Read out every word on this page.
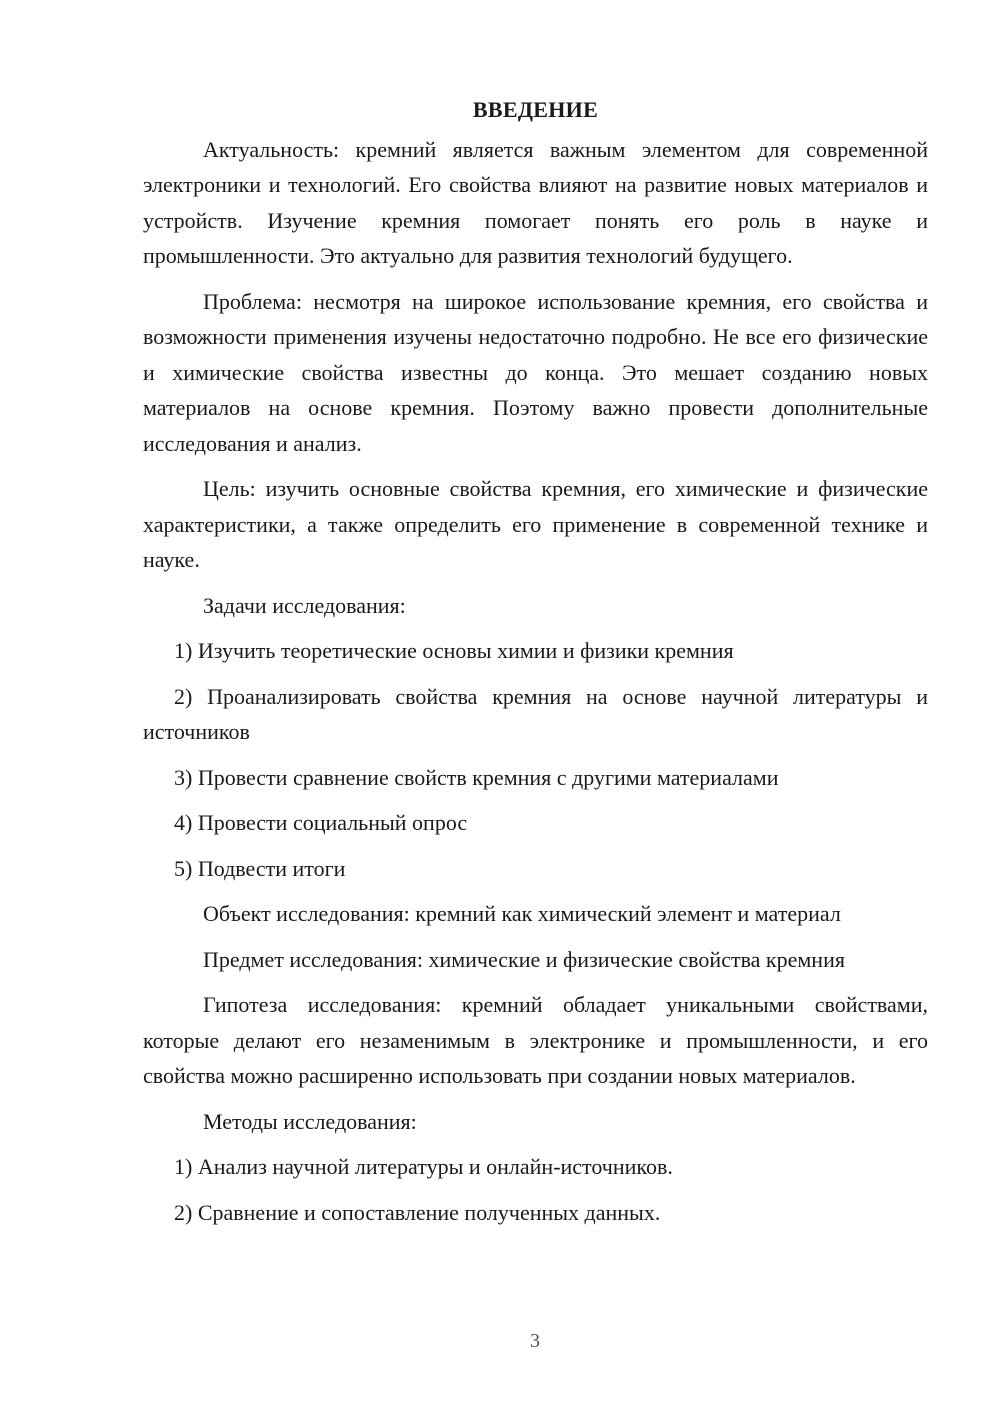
ВВЕДЕНИЕ

Актуальность: кремний является важным элементом для современной электроники и технологий. Его свойства влияют на развитие новых материалов и устройств. Изучение кремния помогает понять его роль в науке и промышленности. Это актуально для развития технологий будущего.

Проблема: несмотря на широкое использование кремния, его свойства и возможности применения изучены недостаточно подробно. Не все его физические и химические свойства известны до конца. Это мешает созданию новых материалов на основе кремния. Поэтому важно провести дополнительные исследования и анализ.

Цель: изучить основные свойства кремния, его химические и физические характеристики, а также определить его применение в современной технике и науке.

Задачи исследования:

1) Изучить теоретические основы химии и физики кремния

2) Проанализировать свойства кремния на основе научной литературы и источников

3) Провести сравнение свойств кремния с другими материалами

4) Провести социальный опрос

5) Подвести итоги

Объект исследования: кремний как химический элемент и материал

Предмет исследования: химические и физические свойства кремния

Гипотеза исследования: кремний обладает уникальными свойствами, которые делают его незаменимым в электронике и промышленности, и его свойства можно расширенно использовать при создании новых материалов.

Методы исследования:

1) Анализ научной литературы и онлайн-источников.

2) Сравнение и сопоставление полученных данных.

3
